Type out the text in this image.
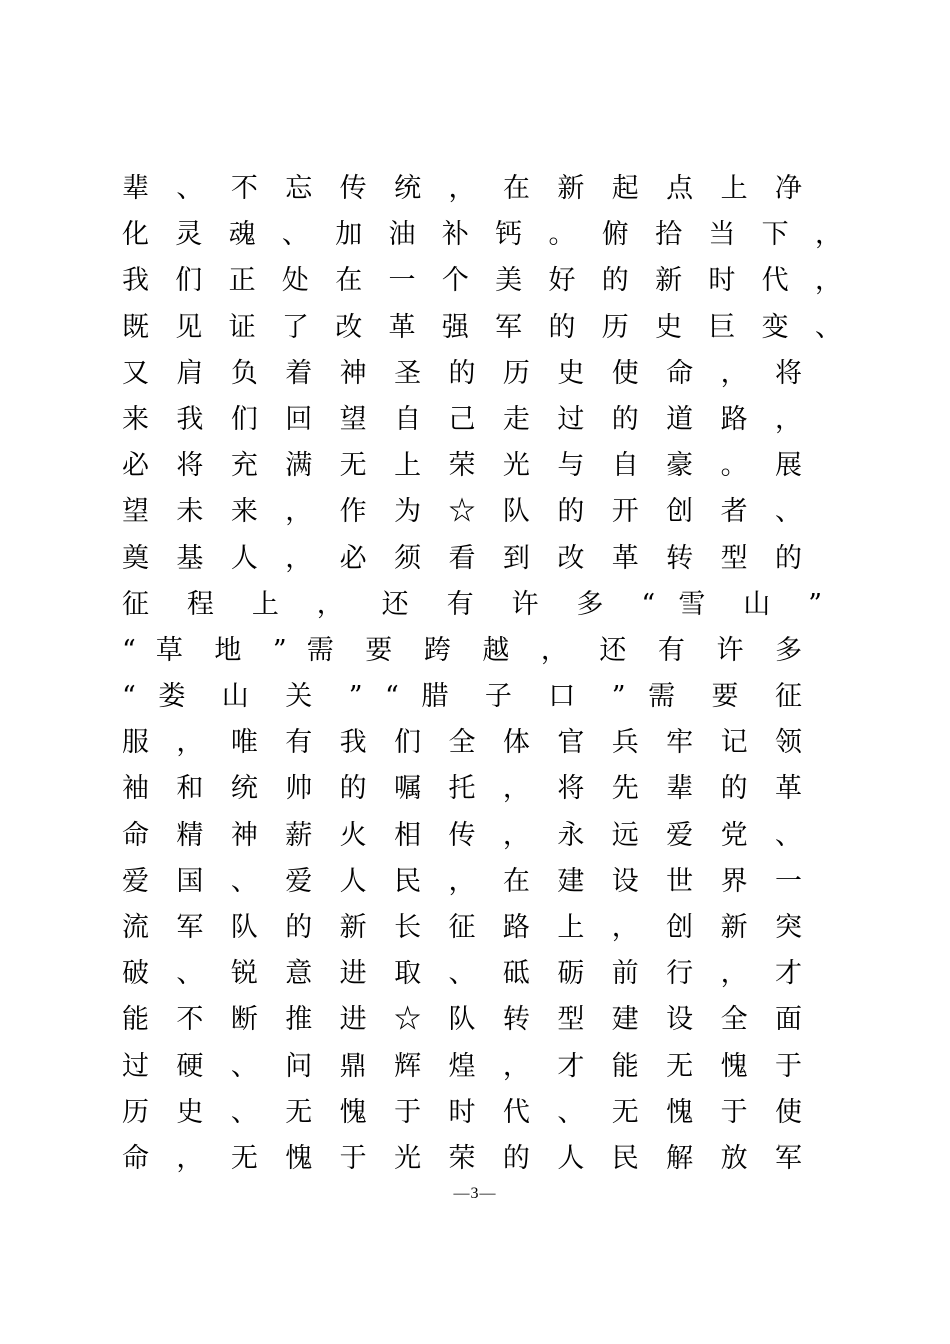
辈 、 不 忘 传 统 ， 在 新 起 点 上 净
化 灵 魂 、 加 油 补 钙 。 俯 拾 当 下 ，
我 们 正 处 在 一 个 美 好 的 新 时 代 ，
既 见 证 了 改 革 强 军 的 历 史 巨 变 、
又 肩 负 着 神 圣 的 历 史 使 命 ， 将
来 我 们 回 望 自 己 走 过 的 道 路 ，
必 将 充 满 无 上 荣 光 与 自 豪 。 展
望 未 来 ， 作 为 ☆ 队 的 开 创 者 、
奠 基 人 ， 必 须 看 到 改 革 转 型 的
征 程 上 ， 还 有 许 多 “ 雪 山 ”
“ 草 地 ” 需 要 跨 越 ， 还 有 许 多
“ 娄 山 关 ” “ 腊 子 口 ” 需 要 征
服 ， 唯 有 我 们 全 体 官 兵 牢 记 领
袖 和 统 帅 的 嘱 托 ， 将 先 辈 的 革
命 精 神 薪 火 相 传 ， 永 远 爱 党 、
爱 国 、 爱 人 民 ， 在 建 设 世 界 一
流 军 队 的 新 长 征 路 上 ， 创 新 突
破 、 锐 意 进 取 、 砥 砺 前 行 ， 才
能 不 断 推 进 ☆ 队 转 型 建 设 全 面
过 硬 、 问 鼎 辉 煌 ， 才 能 无 愧 于
历 史 、 无 愧 于 时 代 、 无 愧 于 使
命 ， 无 愧 于 光 荣 的 人 民 解 放 军
—3—
